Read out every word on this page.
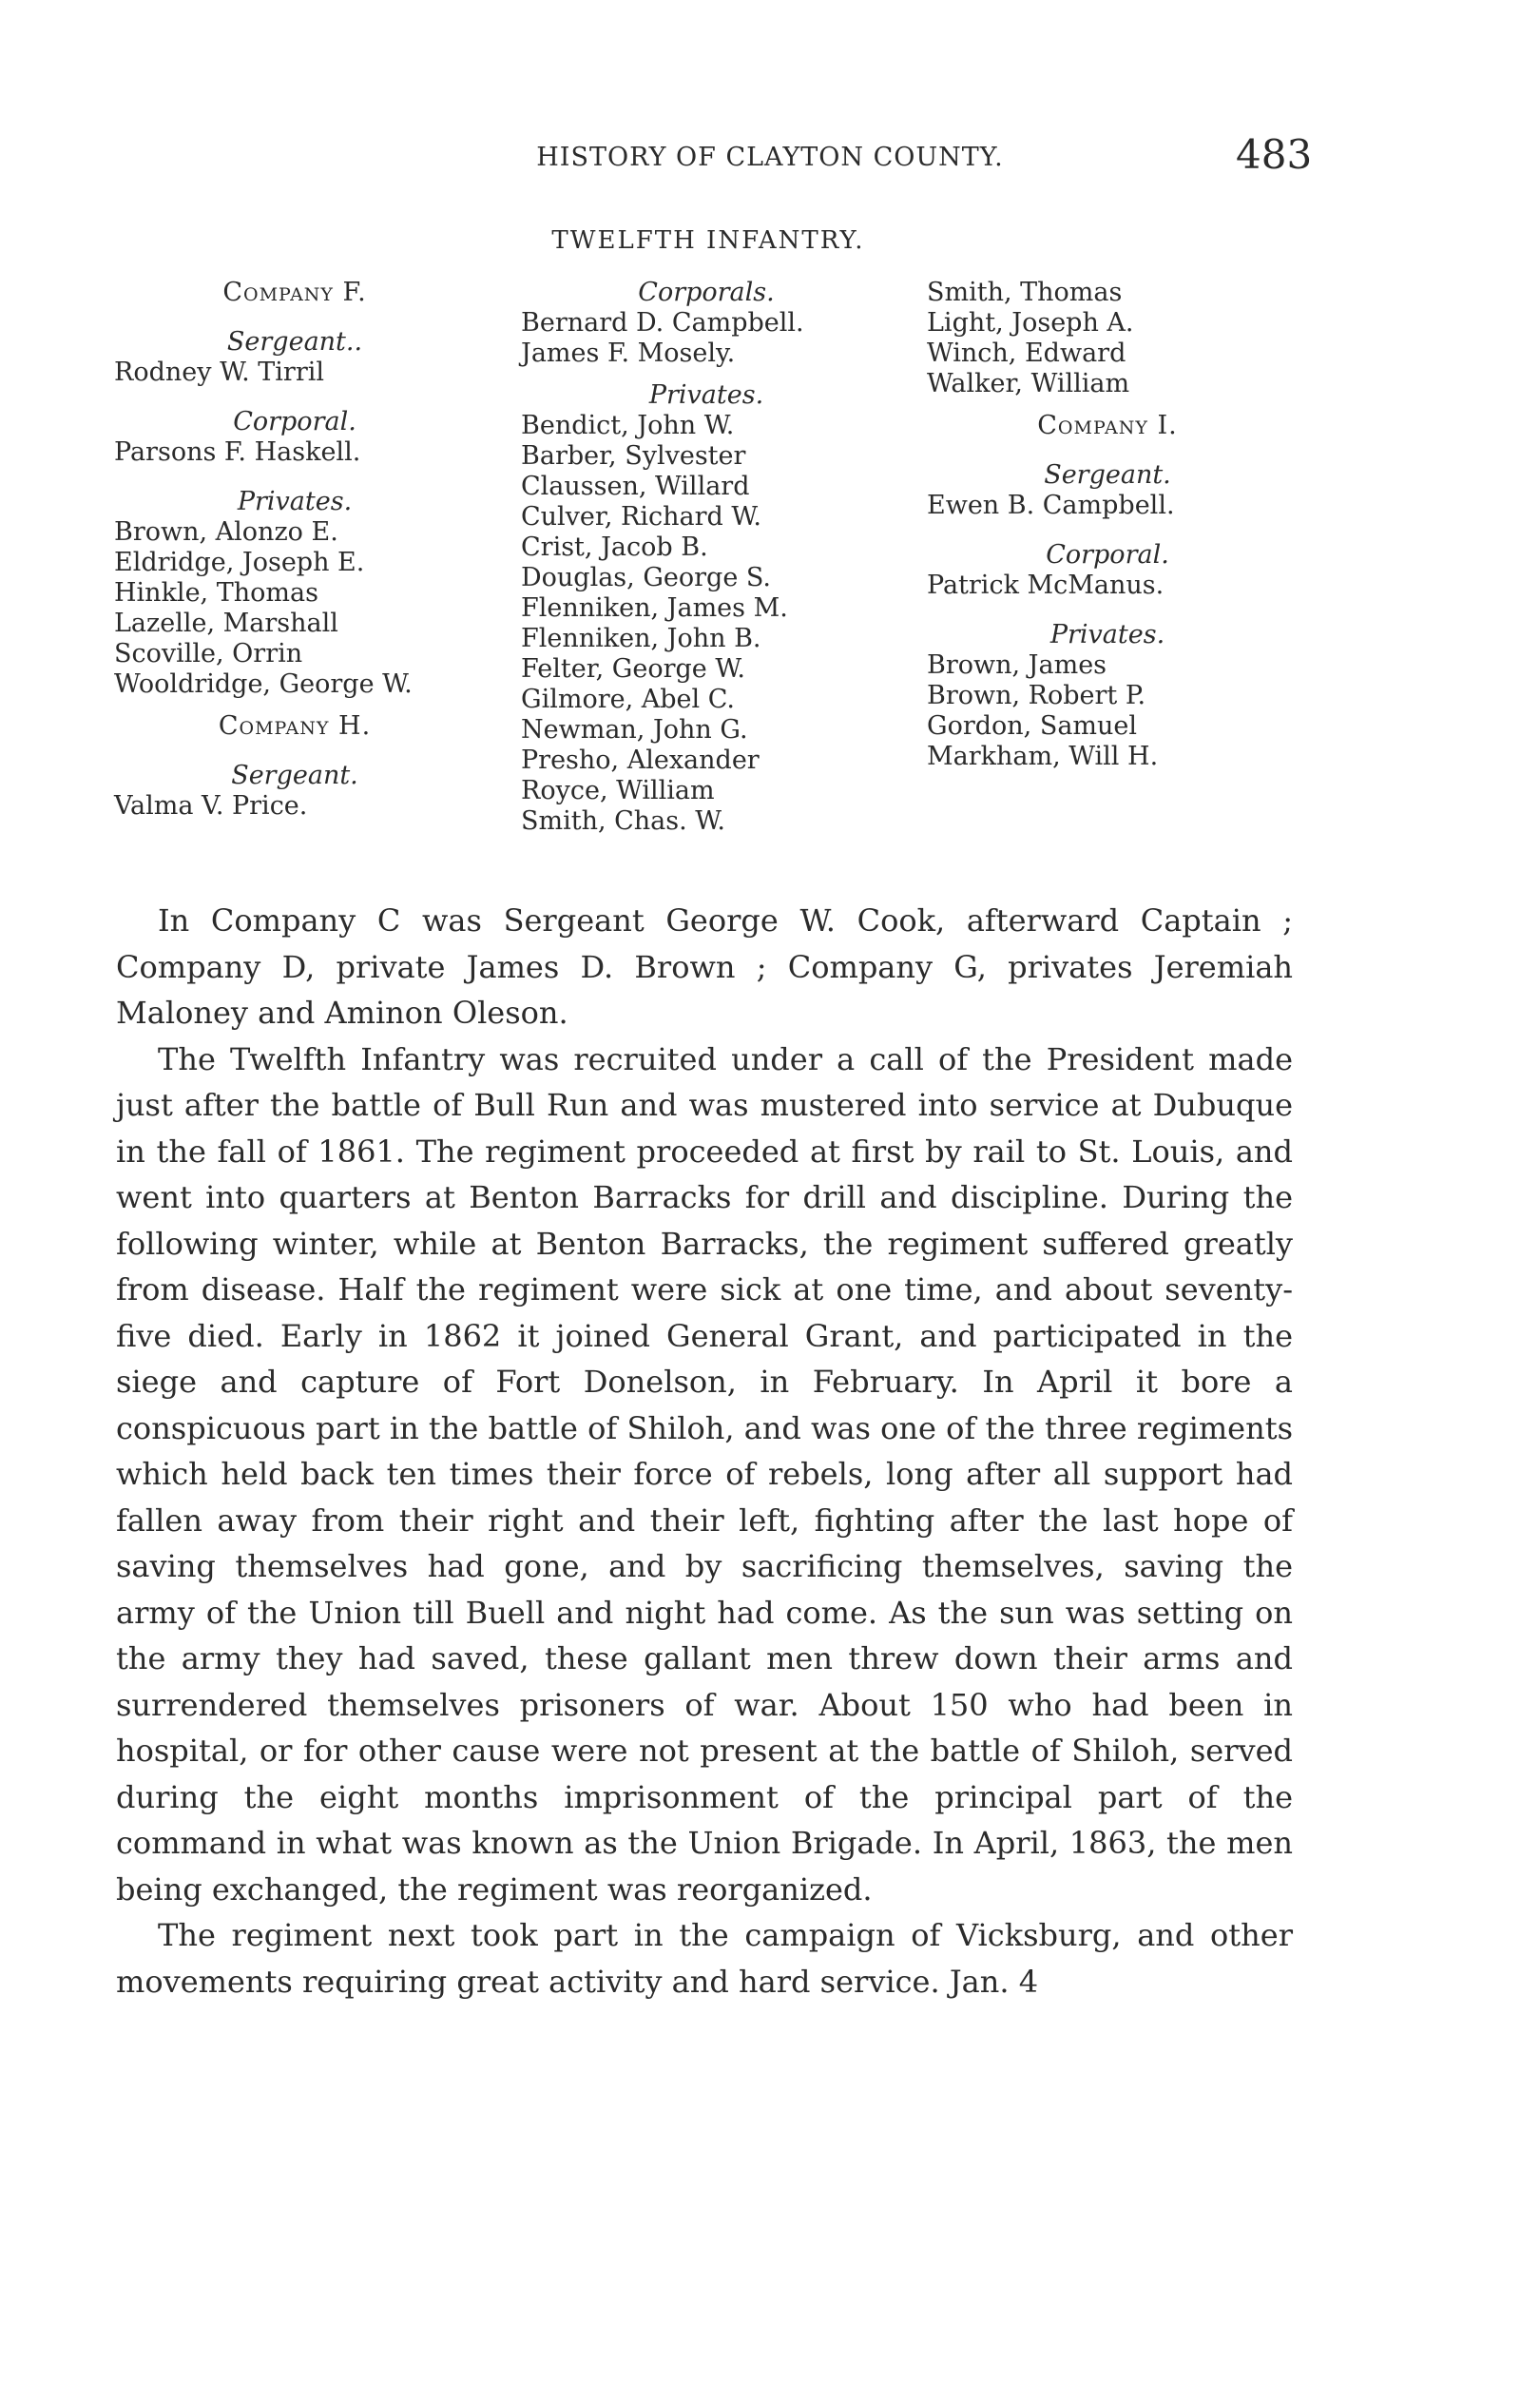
HISTORY OF CLAYTON COUNTY.	483
TWELFTH INFANTRY.

Company F.

Sergeant..

Rodney W. Tirril

Corporal.

Parsons F. Haskell.

Privates.

Brown, Alonzo E.
Eldridge, Joseph E.
Hinkle, Thomas
Lazelle, Marshall
Scoville, Orrin
Wooldridge, George W.

Company H.

Sergeant.

Valma V. Price.

Corporals.

Bernard D. Campbell.
James F. Mosely.

Privates.

Bendict, John W.
Barber, Sylvester
Claussen, Willard
Culver, Richard W.
Crist, Jacob B.
Douglas, George S.
Flenniken, James M.
Flenniken, John B.
Felter, George W.
Gilmore, Abel C.
Newman, John G.
Presho, Alexander
Royce, William
Smith, Chas. W.
Smith, Thomas
Light, Joseph A.
Winch, Edward
Walker, William

Company I.

Sergeant.

Ewen B. Campbell.

Corporal.

Patrick McManus.

Privates.

Brown, James
Brown, Robert P.
Gordon, Samuel
Markham, Will H.

In Company C was Sergeant George W. Cook, afterward Captain ; Company D, private James D. Brown ; Company G, privates Jeremiah Maloney and Aminon Oleson.

The Twelfth Infantry was recruited under a call of the President made just after the battle of Bull Run and was mustered into service at Dubuque in the fall of 1861. The regiment proceeded at first by rail to St. Louis, and went into quarters at Benton Barracks for drill and discipline. During the following winter, while at Benton Barracks, the regiment suffered greatly from disease. Half the regiment were sick at one time, and about seventy-five died. Early in 1862 it joined General Grant, and participated in the siege and capture of Fort Donelson, in February. In April it bore a conspicuous part in the battle of Shiloh, and was one of the three regiments which held back ten times their force of rebels, long after all support had fallen away from their right and their left, fighting after the last hope of saving themselves had gone, and by sacrificing themselves, saving the army of the Union till Buell and night had come. As the sun was setting on the army they had saved, these gallant men threw down their arms and surrendered themselves prisoners of war. About 150 who had been in hospital, or for other cause were not present at the battle of Shiloh, served during the eight months imprisonment of the principal part of the command in what was known as the Union Brigade. In April, 1863, the men being exchanged, the regiment was reorganized.

The regiment next took part in the campaign of Vicksburg, and other movements requiring great activity and hard service. Jan. 4
